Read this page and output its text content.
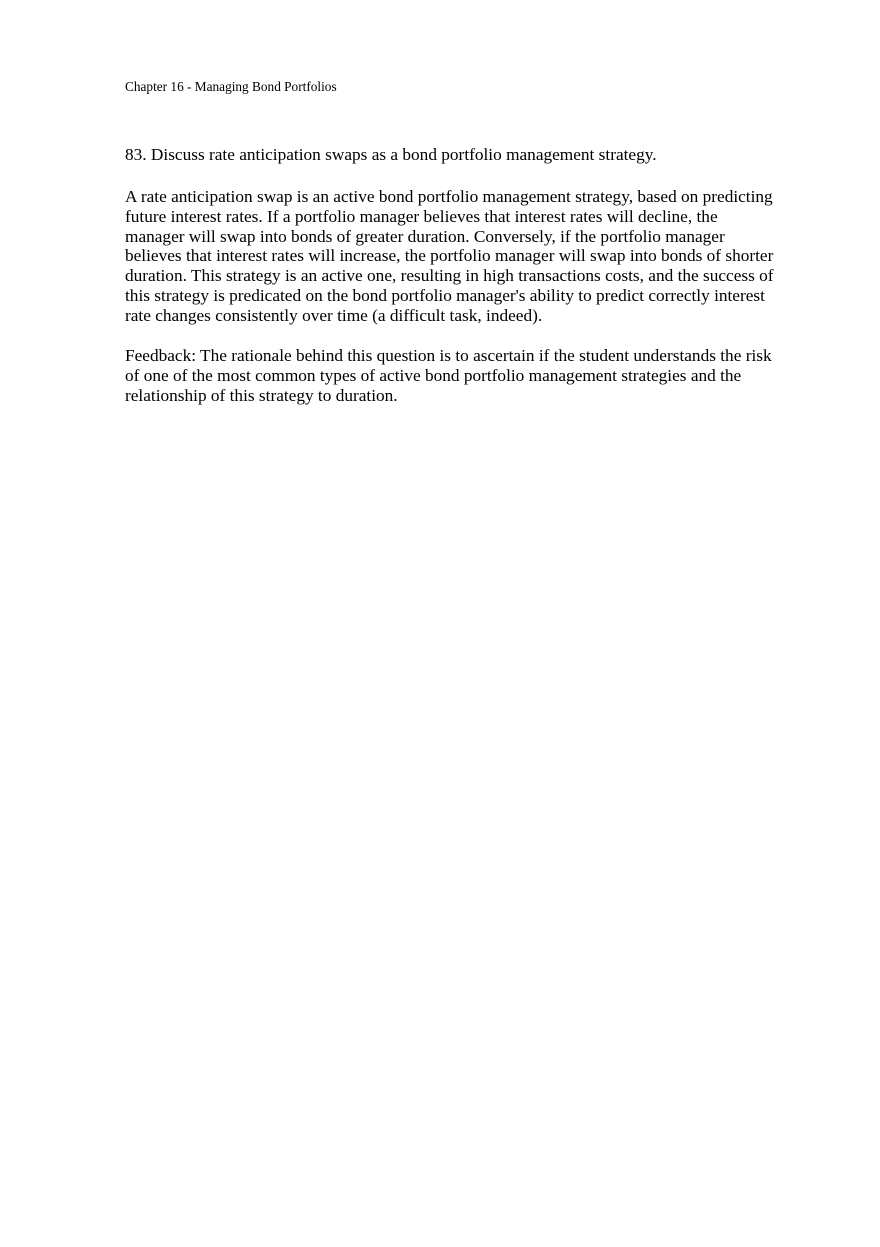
Chapter 16 - Managing Bond Portfolios
83. Discuss rate anticipation swaps as a bond portfolio management strategy.
A rate anticipation swap is an active bond portfolio management strategy, based on predicting
future interest rates. If a portfolio manager believes that interest rates will decline, the
manager will swap into bonds of greater duration. Conversely, if the portfolio manager
believes that interest rates will increase, the portfolio manager will swap into bonds of shorter
duration. This strategy is an active one, resulting in high transactions costs, and the success of
this strategy is predicated on the bond portfolio manager's ability to predict correctly interest
rate changes consistently over time (a difficult task, indeed).
Feedback: The rationale behind this question is to ascertain if the student understands the risk
of one of the most common types of active bond portfolio management strategies and the
relationship of this strategy to duration.
